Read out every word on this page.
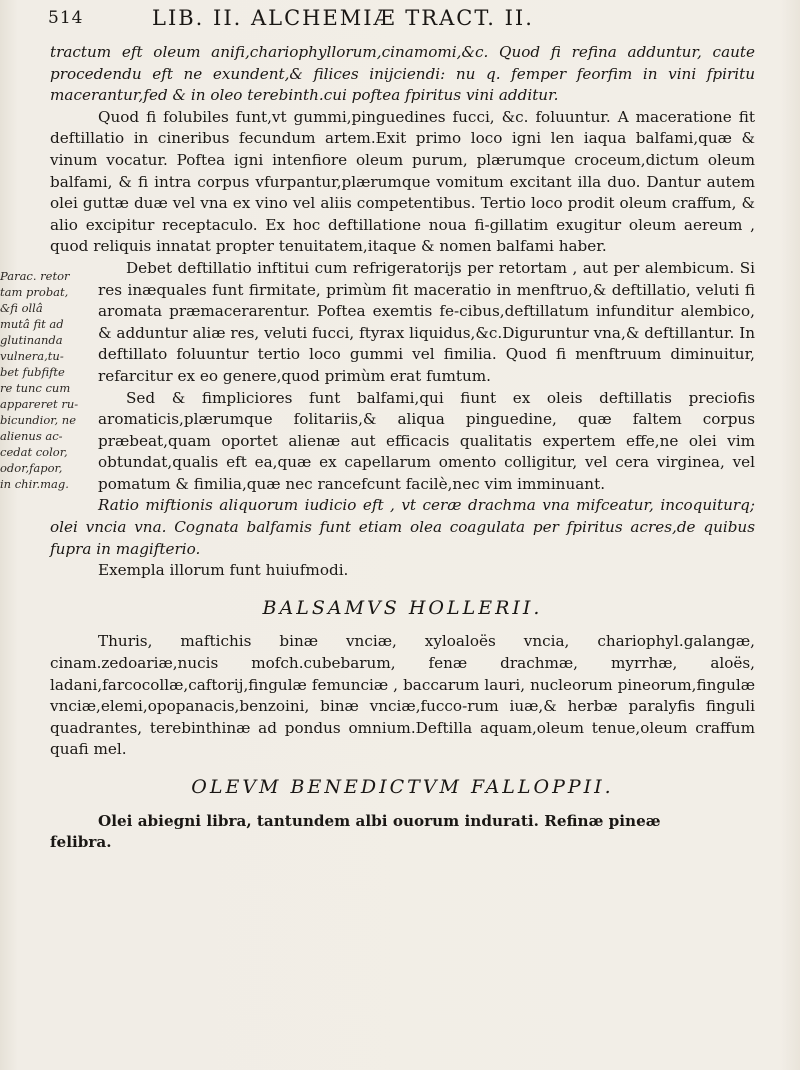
514	LIB. II. ALCHEMIÆ TRACT. II.
Parac. retor
tam probat,
&fi ollâ
mutâ fit ad
glutinanda
vulnera,tu-
bet fubfifte
re tunc cum
appareret ru-
bicundior, ne
alienus ac-
cedat color,
odor,fapor,
in chir.mag.

tractum eft oleum anifi,chariophyllorum,cinamomi,&c. Quod fi refina adduntur, caute procedendu eft ne exundent,& filices inijciendi: nu q. femper feorfim in vini fpiritu macerantur,fed & in oleo terebinth.cui poftea fpiritus vini additur.

Quod fi folubiles funt,vt gummi,pinguedines fucci, &c. foluuntur. A maceratione fit deftillatio in cineribus fecundum artem.Exit primo loco igni len iaqua balfami,quæ & vinum vocatur. Poftea igni intenfiore oleum purum, plærumque croceum,dictum oleum balfami, & fi intra corpus vfurpantur,plærumque vomitum excitant illa duo. Dantur autem olei guttæ duæ vel vna ex vino vel aliis competentibus. Tertio loco prodit oleum craffum, & alio excipitur receptaculo. Ex hoc deftillatione noua fi-gillatim exugitur oleum aereum , quod reliquis innatat propter tenuitatem,itaque & nomen balfami haber.

Debet deftillatio inftitui cum refrigeratorijs per retortam , aut per alembicum. Si res inæquales funt firmitate, primùm fit maceratio in menftruo,& deftillatio, veluti fi aromata præmacerarentur. Poftea exemtis fe-cibus,deftillatum infunditur alembico, & adduntur aliæ res, veluti fucci, ftyrax liquidus,&c.Diguruntur vna,& deftillantur. In deftillato foluuntur tertio loco gummi vel fimilia. Quod fi menftruum diminuitur, refarcitur ex eo genere,quod primùm erat fumtum.

Sed & fimpliciores funt balfami,qui fiunt ex oleis deftillatis preciofis aromaticis,plærumque folitariis,& aliqua pinguedine, quæ faltem corpus præbeat,quam oportet alienæ aut efficacis qualitatis expertem effe,ne olei vim obtundat,qualis eft ea,quæ ex capellarum omento colligitur, vel cera virginea, vel pomatum & fimilia,quæ nec rancefcunt facilè,nec vim imminuant.

Ratio miftionis aliquorum iudicio eft , vt ceræ drachma vna mifceatur, incoquiturq; olei vncia vna. Cognata balfamis funt etiam olea coagulata per fpiritus acres,de quibus fupra in magifterio.

Exempla illorum funt huiufmodi.

BALSAMVS HOLLERII.

Thuris, maftichis binæ vnciæ, xyloaloës vncia, chariophyl.galangæ, cinam.zedoariæ,nucis mofch.cubebarum, fenæ drachmæ, myrrhæ, aloës, ladani,farcocollæ,caftorij,fingulæ femunciæ , baccarum lauri, nucleorum pineorum,fingulæ vnciæ,elemi,opopanacis,benzoini, binæ vnciæ,fucco-rum iuæ,& herbæ paralyfis finguli quadrantes, terebinthinæ ad pondus omnium.Deftilla aquam,oleum tenue,oleum craffum quafi mel.

OLEVM BENEDICTVM FALLOPPII.

Olei abiegni libra, tantundem albi ouorum indurati. Refinæ pineæ

felibra.
